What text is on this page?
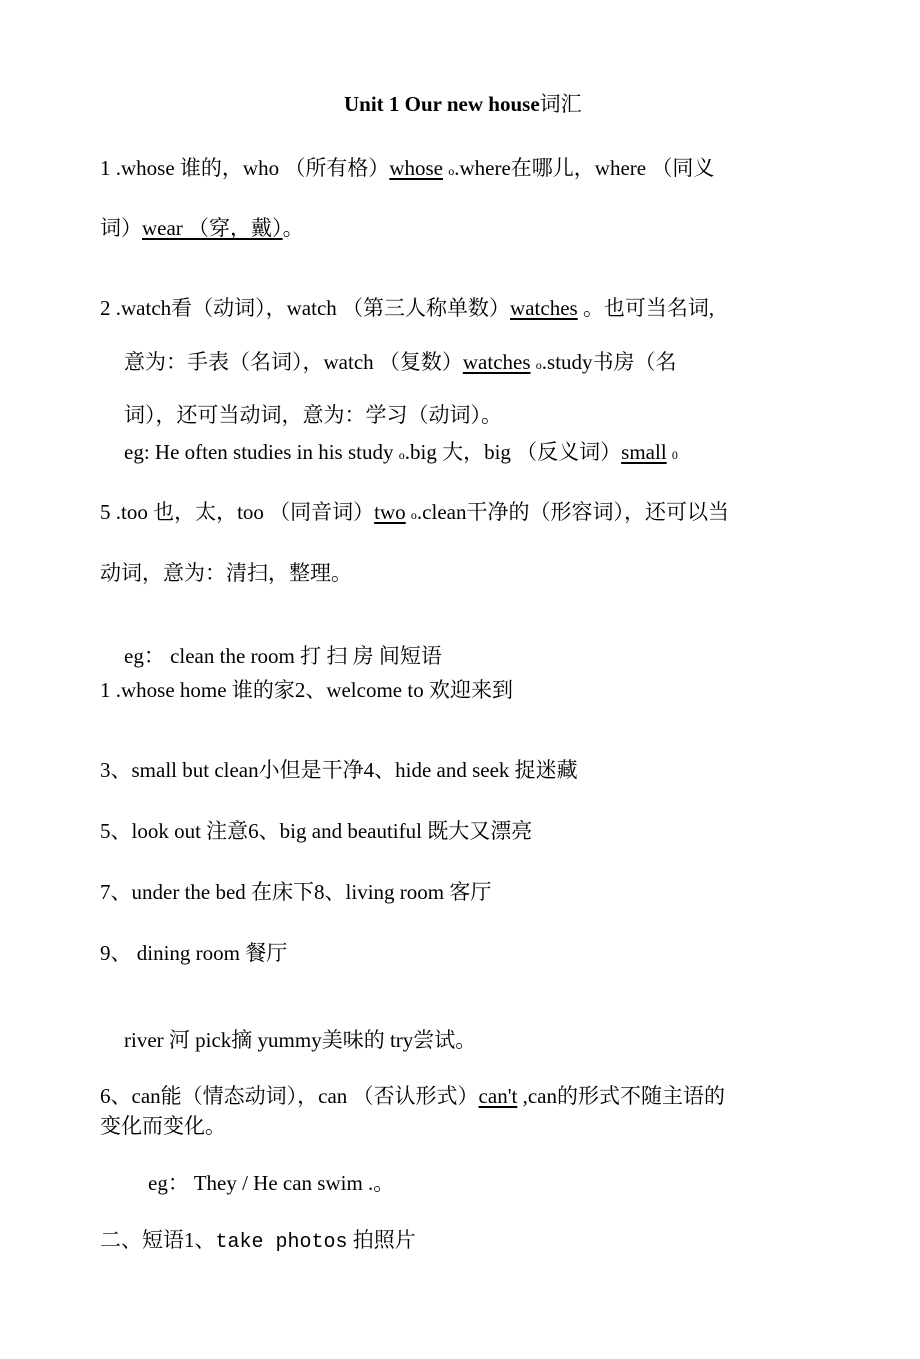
Unit 1 Our new house词汇
1 .whose 谁的，who （所有格）whose o.where在哪儿，where （同义
词）wear （穿，戴）。
2 .watch看（动词），watch （第三人称单数）watches 。也可当名词,
意为：手表（名词），watch （复数）watches o.study书房（名
词），还可当动词，意为：学习（动词）。
eg: He often studies in his study o.big 大，big （反义词）small 0
5 .too 也，太，too （同音词）two o.clean干净的（形容词），还可以当
动词，意为：清扫，整理。
eg： clean the room 打 扫 房 间短语
1 .whose home 谁的家2、welcome to 欢迎来到
3、small but clean小但是干净4、hide and seek 捉迷藏
5、look out 注意6、big and beautiful 既大又漂亮
7、under the bed 在床下8、living room 客厅
9、 dining room 餐厅
river 河 pick摘 yummy美味的 try尝试。
6、can能（情态动词），can （否认形式）can't ,can的形式不随主语的
变化而变化。
eg： They / He can swim .。
二、短语1、take photos 拍照片
